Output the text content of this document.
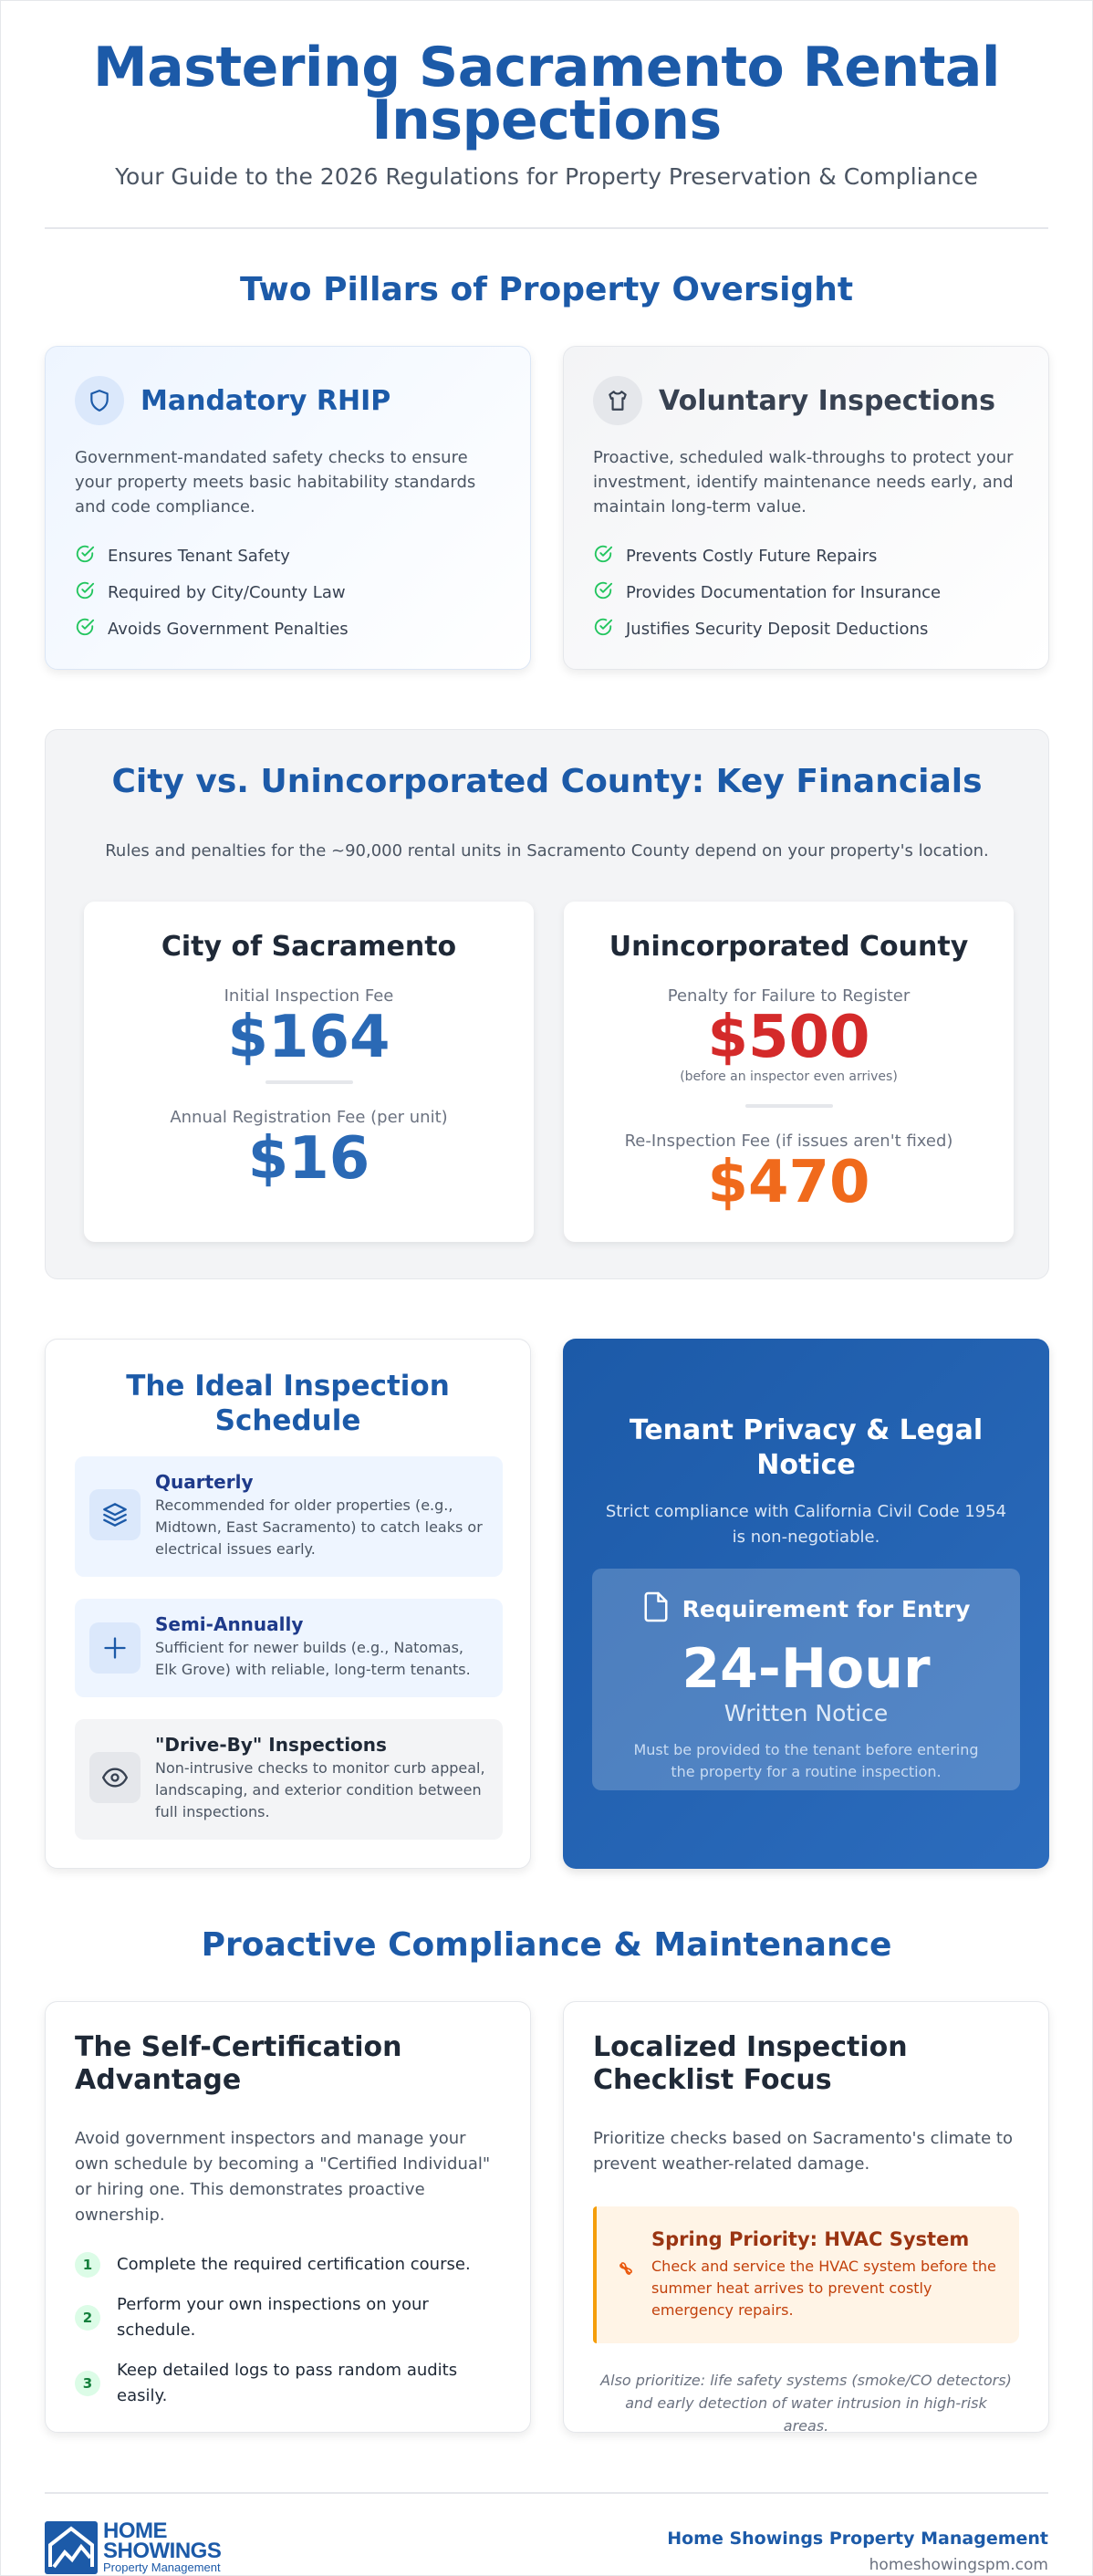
Mastering Sacramento Rental Inspections

Your Guide to the 2026 Regulations for Property Preservation & Compliance

Two Pillars of Property Oversight
Mandatory RHIP

Government-mandated safety checks to ensure your property meets basic habitability standards and code compliance.

Ensures Tenant Safety
Required by City/County Law
Avoids Government Penalties
Voluntary Inspections

Proactive, scheduled walk-throughs to protect your investment, identify maintenance needs early, and maintain long-term value.

Prevents Costly Future Repairs
Provides Documentation for Insurance
Justifies Security Deposit Deductions
City vs. Unincorporated County: Key Financials

Rules and penalties for the ~90,000 rental units in Sacramento County depend on your property's location.

City of Sacramento
Initial Inspection Fee
$164
Annual Registration Fee (per unit)
$16
Unincorporated County
Penalty for Failure to Register
$500
(before an inspector even arrives)
Re-Inspection Fee (if issues aren't fixed)
$470
The Ideal Inspection Schedule
Quarterly
Recommended for older properties (e.g., Midtown, East Sacramento) to catch leaks or electrical issues early.
Semi-Annually
Sufficient for newer builds (e.g., Natomas, Elk Grove) with reliable, long-term tenants.
"Drive-By" Inspections
Non-intrusive checks to monitor curb appeal, landscaping, and exterior condition between full inspections.
Tenant Privacy & Legal Notice

Strict compliance with California Civil Code 1954 is non-negotiable.

Requirement for Entry
24-Hour
Written Notice
Must be provided to the tenant before entering the property for a routine inspection.
Proactive Compliance & Maintenance
The Self-Certification Advantage

Avoid government inspectors and manage your own schedule by becoming a "Certified Individual" or hiring one. This demonstrates proactive ownership.

1	Complete the required certification course.
2
Perform your own inspections on your schedule.
3
Keep detailed logs to pass random audits easily.
Localized Inspection Checklist Focus

Prioritize checks based on Sacramento's climate to prevent weather-related damage.

Spring Priority: HVAC System
Check and service the HVAC system before the summer heat arrives to prevent costly emergency repairs.

Also prioritize: life safety systems (smoke/CO detectors) and early detection of water intrusion in high-risk areas.

HOME
SHOWINGS
Property Management
Home Showings Property Management
homeshowingspm.com
